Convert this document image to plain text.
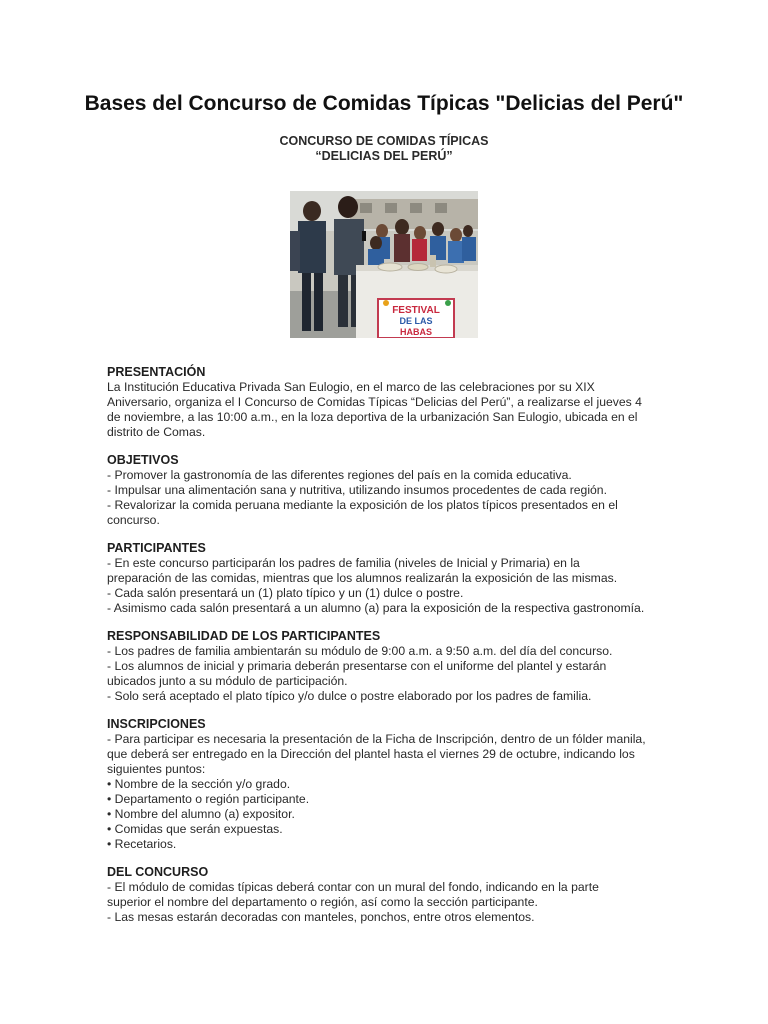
Bases del Concurso de Comidas Típicas "Delicias del Perú"
CONCURSO DE COMIDAS TÍPICAS
“DELICIAS DEL PERÚ”
FESTIVAL
DE LAS
HABAS

PRESENTACIÓN

La Institución Educativa Privada San Eulogio, en el marco de las celebraciones por su XIX

Aniversario, organiza el I Concurso de Comidas Típicas “Delicias del Perú”, a realizarse el jueves 4

de noviembre, a las 10:00 a.m., en la loza deportiva de la urbanización San Eulogio, ubicada en el

distrito de Comas.

OBJETIVOS

- Promover la gastronomía de las diferentes regiones del país en la comida educativa.

- Impulsar una alimentación sana y nutritiva, utilizando insumos procedentes de cada región.

- Revalorizar la comida peruana mediante la exposición de los platos típicos presentados en el

concurso.

PARTICIPANTES

- En este concurso participarán los padres de familia (niveles de Inicial y Primaria) en la

preparación de las comidas, mientras que los alumnos realizarán la exposición de las mismas.

- Cada salón presentará un (1) plato típico y un (1) dulce o postre.

- Asimismo cada salón presentará a un alumno (a) para la exposición de la respectiva gastronomía.

RESPONSABILIDAD DE LOS PARTICIPANTES

- Los padres de familia ambientarán su módulo de 9:00 a.m. a 9:50 a.m. del día del concurso.

- Los alumnos de inicial y primaria deberán presentarse con el uniforme del plantel y estarán

ubicados junto a su módulo de participación.

- Solo será aceptado el plato típico y/o dulce o postre elaborado por los padres de familia.

INSCRIPCIONES

- Para participar es necesaria la presentación de la Ficha de Inscripción, dentro de un fólder manila,

que deberá ser entregado en la Dirección del plantel hasta el viernes 29 de octubre, indicando los

siguientes puntos:

• Nombre de la sección y/o grado.

• Departamento o región participante.

• Nombre del alumno (a) expositor.

• Comidas que serán expuestas.

• Recetarios.

DEL CONCURSO

- El módulo de comidas típicas deberá contar con un mural del fondo, indicando en la parte

superior el nombre del departamento o región, así como la sección participante.

- Las mesas estarán decoradas con manteles, ponchos, entre otros elementos.
